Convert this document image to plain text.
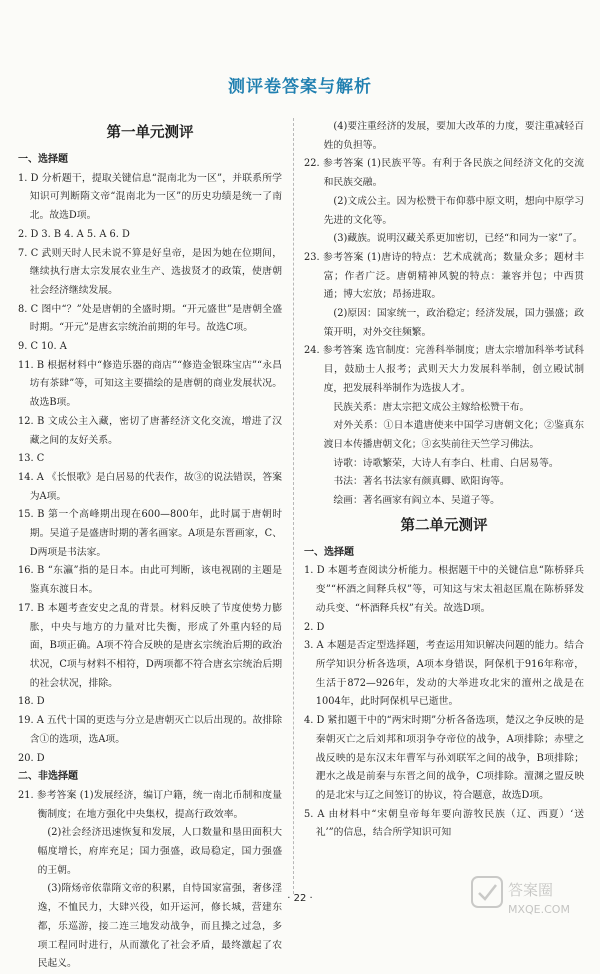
测评卷答案与解析
第一单元测评
一、选择题
1. D 分析题干，提取关键信息“混南北为一区”，并联系所学知识可判断隋文帝“混南北为一区”的历史功绩是统一了南北。故选D项。
2. D 3. B 4. A 5. A 6. D
7. C 武则天时人民未说不算是好皇帝，是因为她在位期间，继续执行唐太宗发展农业生产、选拔贤才的政策，使唐朝社会经济继续发展。
8. C 图中“？”处是唐朝的全盛时期。“开元盛世”是唐朝全盛时期。“开元”是唐玄宗统治前期的年号。故选C项。
9. C 10. A
11. B 根据材料中“修造乐器的商店”“修造金银珠宝店”“永昌坊有茶肆”等，可知这主要描绘的是唐朝的商业发展状况。故选B项。
12. B 文成公主入藏，密切了唐蕃经济文化交流，增进了汉藏之间的友好关系。
13. C
14. A 《长恨歌》是白居易的代表作，故③的说法错误，答案为A项。
15. B 第一个高峰期出现在600—800年，此时属于唐朝时期。吴道子是盛唐时期的著名画家。A项是东晋画家，C、D两项是书法家。
16. B “东瀛”指的是日本。由此可判断，该电视剧的主题是鉴真东渡日本。
17. B 本题考查安史之乱的背景。材料反映了节度使势力膨胀，中央与地方的力量对比失衡，形成了外重内轻的局面，B项正确。A项不符合反映的是唐玄宗统治后期的政治状况，C项与材料不相符，D两项都不符合唐玄宗统治后期的社会状况，排除。
18. D
19. A 五代十国的更迭与分立是唐朝灭亡以后出现的。故排除含①的选项，选A项。
20. D
二、非选择题
21. 参考答案 (1)发展经济，编订户籍，统一南北币制和度量衡制度；在地方强化中央集权，提高行政效率。
(2)社会经济迅速恢复和发展，人口数量和垦田面积大幅度增长，府库充足；国力强盛，政局稳定，国力强盛的王朝。
(3)隋炀帝依靠隋文帝的积累，自恃国家富强，奢侈淫逸，不恤民力，大肆兴役，如开运河，修长城，营建东都，乐巡游，接二连三地发动战争，而且操之过急，多项工程同时进行，从而激化了社会矛盾，最终激起了农民起义。
(4)要注重经济的发展，要加大改革的力度，要注重减轻百姓的负担等。
22. 参考答案 (1)民族平等。有利于各民族之间经济文化的交流和民族交融。
(2)文成公主。因为松赞干布仰慕中原文明，想向中原学习先进的文化等。
(3)藏族。说明汉藏关系更加密切，已经“和同为一家”了。
23. 参考答案 (1)唐诗的特点：艺术成就高；数量众多；题材丰富；作者广泛。唐朝精神风貌的特点：兼容并包；中西贯通；博大宏放；昂扬进取。
(2)原因：国家统一，政治稳定；经济发展，国力强盛；政策开明，对外交往频繁。
24. 参考答案 选官制度：完善科举制度；唐太宗增加科举考试科目，鼓励士人报考；武则天大力发展科举制，创立殿试制度，把发展科举制作为选拔人才。
民族关系：唐太宗把文成公主嫁给松赞干布。
对外关系：①日本遣唐使来中国学习唐朝文化；②鉴真东渡日本传播唐朝文化；③玄奘前往天竺学习佛法。
诗歌：诗歌繁荣，大诗人有李白、杜甫、白居易等。
书法：著名书法家有颜真卿、欧阳询等。
绘画：著名画家有阎立本、吴道子等。
第二单元测评
一、选择题
1. D 本题考查阅读分析能力。根据题干中的关键信息“陈桥驿兵变”“杯酒之间释兵权”等，可知这与宋太祖赵匡胤在陈桥驿发动兵变、“杯酒释兵权”有关。故选D项。
2. D
3. A 本题是否定型选择题，考查运用知识解决问题的能力。结合所学知识分析各选项，A项本身错误，阿保机于916年称帝，生活于872—926年，发动的大举进攻北宋的澶州之战是在1004年，此时阿保机早已逝世。
4. D 紧扣题干中的“两宋时期”分析各备选项，楚汉之争反映的是秦朝灭亡之后刘邦和项羽争夺帝位的战争，A项排除；赤壁之战反映的是东汉末年曹军与孙刘联军之间的战争，B项排除；淝水之战是前秦与东晋之间的战争，C项排除。澶渊之盟反映的是北宋与辽之间签订的协议，符合题意，故选D项。
5. A 由材料中“宋朝皇帝每年要向游牧民族（辽、西夏）‘送礼’”的信息，结合所学知识可知
· 22 ·	答案圈
MXQE.COM
